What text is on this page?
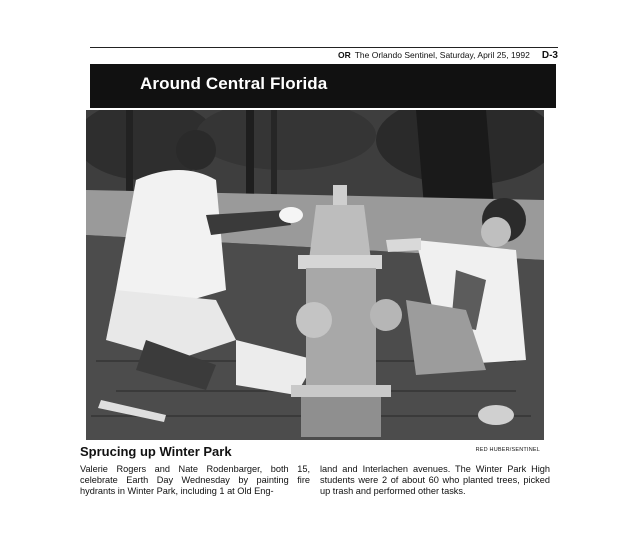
OR The Orlando Sentinel, Saturday, April 25, 1992 D-3
Around Central Florida
RED HUBER/SENTINEL
Sprucing up Winter Park
Valerie Rogers and Nate Rodenbarger, both 15, celebrate Earth Day Wednesday by painting fire hydrants in Winter Park, including 1 at Old Eng-
land and Interlachen avenues. The Winter Park High students were 2 of about 60 who planted trees, picked up trash and performed other tasks.
